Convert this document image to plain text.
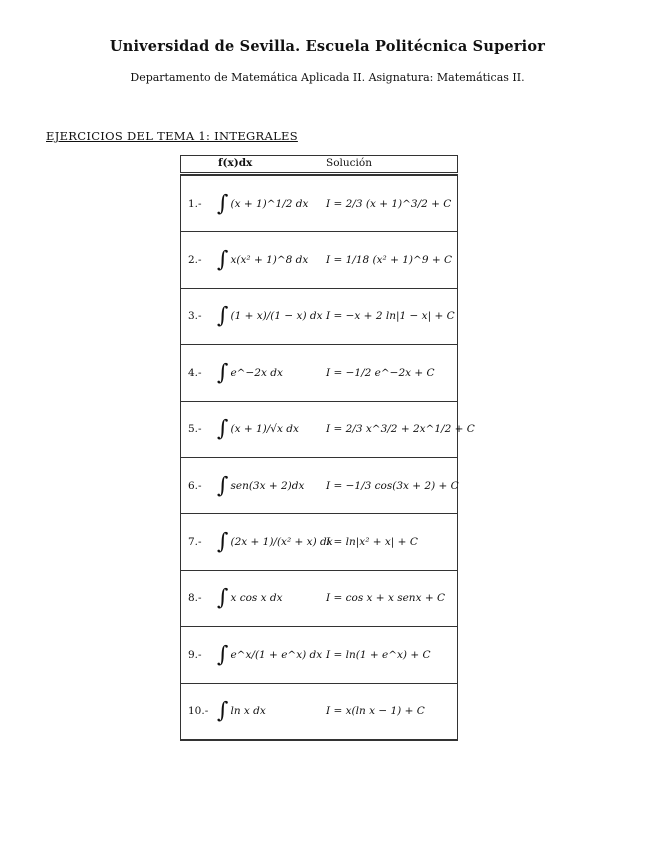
Universidad de Sevilla. Escuela Politécnica Superior
Departamento de Matemática Aplicada II. Asignatura: Matemáticas II.
EJERCICIOS DEL TEMA 1: INTEGRALES
f(x)dx	Solución
1.- ∫ (x + 1)^1/2 dx I = 2/3 (x + 1)^3/2 + C
2.- ∫ x(x² + 1)^8 dx I = 1/18 (x² + 1)^9 + C
3.- ∫ (1 + x)/(1 − x) dx I = −x + 2 ln|1 − x| + C
4.- ∫ e^−2x dx	I = −1/2 e^−2x + C
5.- ∫ (x + 1)/√x dx	I = 2/3 x^3/2 + 2x^1/2 + C
6.- ∫ sen(3x + 2)dx I = −1/3 cos(3x + 2) + C
7.- ∫ (2x + 1)/(x² + x) dx
I = ln|x² + x| + C
8.- ∫ x cos x dx	I = cos x + x senx + C
9.- ∫ e^x/(1 + e^x) dx I = ln(1 + e^x) + C
10.- ∫ ln x dx	I = x(ln x − 1) + C
